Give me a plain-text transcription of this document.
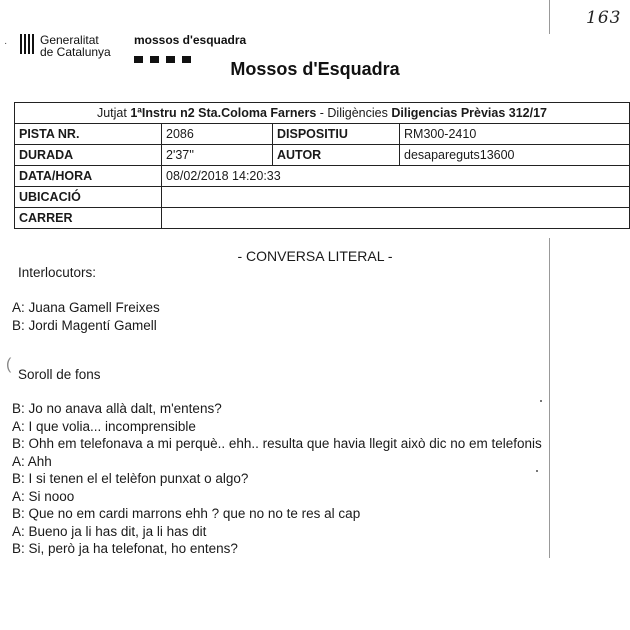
163
·	Generalitat
de Catalunya
mossos d'esquadra
Mossos d'Esquadra
Jutjat 1ªInstru n2 Sta.Coloma Farners - Diligències Diligencias Prèvias 312/17			
PISTA NR.	2086	DISPOSITIU	RM300-2410
DURADA	2'37''	AUTOR	desapareguts13600
DATA/HORA	08/02/2018 14:20:33		
UBICACIÓ			
CARRER			
- CONVERSA LITERAL -
Interlocutors:
A: Juana Gamell Freixes
B: Jordi Magentí Gamell
(
Soroll de fons
B: Jo no anava allà dalt, m'entens?
A: I que volia... incomprensible
B: Ohh em telefonava a mi perquè.. ehh.. resulta que havia llegit això dic no em telefonis
A: Ahh
B: I si tenen el el telèfon punxat o algo?
A: Si nooo
B: Que no em cardi marrons ehh ? que no no te res al cap
A: Bueno ja li has dit, ja li has dit
B: Si, però ja ha telefonat, ho entens?
